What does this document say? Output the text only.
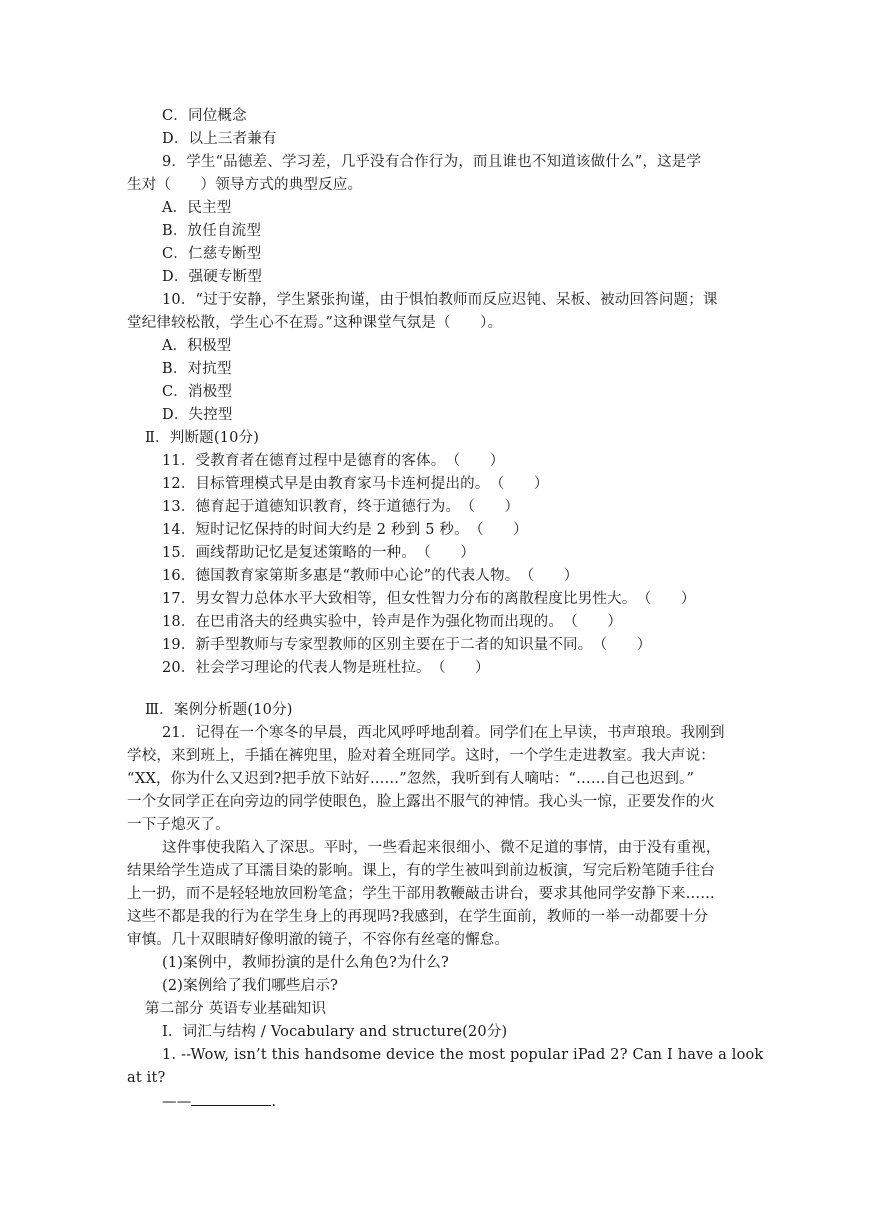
C．同位概念
D．以上三者兼有
9．学生“品德差、学习差，几乎没有合作行为，而且谁也不知道该做什么”，这是学
生对（　　）领导方式的典型反应。
A．民主型
B．放任自流型
C．仁慈专断型
D．强硬专断型
10．“过于安静，学生紧张拘谨，由于惧怕教师而反应迟钝、呆板、被动回答问题；课
堂纪律较松散，学生心不在焉。”这种课堂气氛是（　　）。
A．积极型
B．对抗型
C．消极型
D．失控型
Ⅱ．判断题(10分)
11．受教育者在德育过程中是德育的客体。　（　　）
12．目标管理模式早是由教育家马卡连柯提出的。　（　　）
13．德育起于道德知识教育，终于道德行为。　（　　）
14．短时记忆保持的时间大约是 2 秒到 5 秒。　（　　）
15．画线帮助记忆是复述策略的一种。　（　　）
16．德国教育家第斯多惠是“教师中心论”的代表人物。　（　　）
17．男女智力总体水平大致相等，但女性智力分布的离散程度比男性大。　（　　）
18．在巴甫洛夫的经典实验中，铃声是作为强化物而出现的。　（　　）
19．新手型教师与专家型教师的区别主要在于二者的知识量不同。　（　　）
20．社会学习理论的代表人物是班杜拉。　（　　）
Ⅲ．案例分析题(10分)
21．记得在一个寒冬的早晨，西北风呼呼地刮着。同学们在上早读，书声琅琅。我刚到
学校，来到班上，手插在裤兜里，脸对着全班同学。这时，一个学生走进教室。我大声说：
“XX，你为什么又迟到?把手放下站好……”忽然，我听到有人嘀咕：“……自己也迟到。”
一个女同学正在向旁边的同学使眼色，脸上露出不服气的神情。我心头一惊，正要发作的火
一下子熄灭了。
这件事使我陷入了深思。平时，一些看起来很细小、微不足道的事情，由于没有重视，
结果给学生造成了耳濡目染的影响。课上，有的学生被叫到前边板演，写完后粉笔随手往台
上一扔，而不是轻轻地放回粉笔盒；学生干部用教鞭敲击讲台，要求其他同学安静下来……
这些不都是我的行为在学生身上的再现吗?我感到，在学生面前，教师的一举一动都要十分
审慎。几十双眼睛好像明澈的镜子，不容你有丝毫的懈怠。
(1)案例中，教师扮演的是什么角色?为什么?
(2)案例给了我们哪些启示?
第二部分 英语专业基础知识
Ⅰ．词汇与结构 / Vocabulary and structure(20分)
1. --Wow, isn’t this handsome device the most popular iPad 2? Can I have a look
at it?
——	.
